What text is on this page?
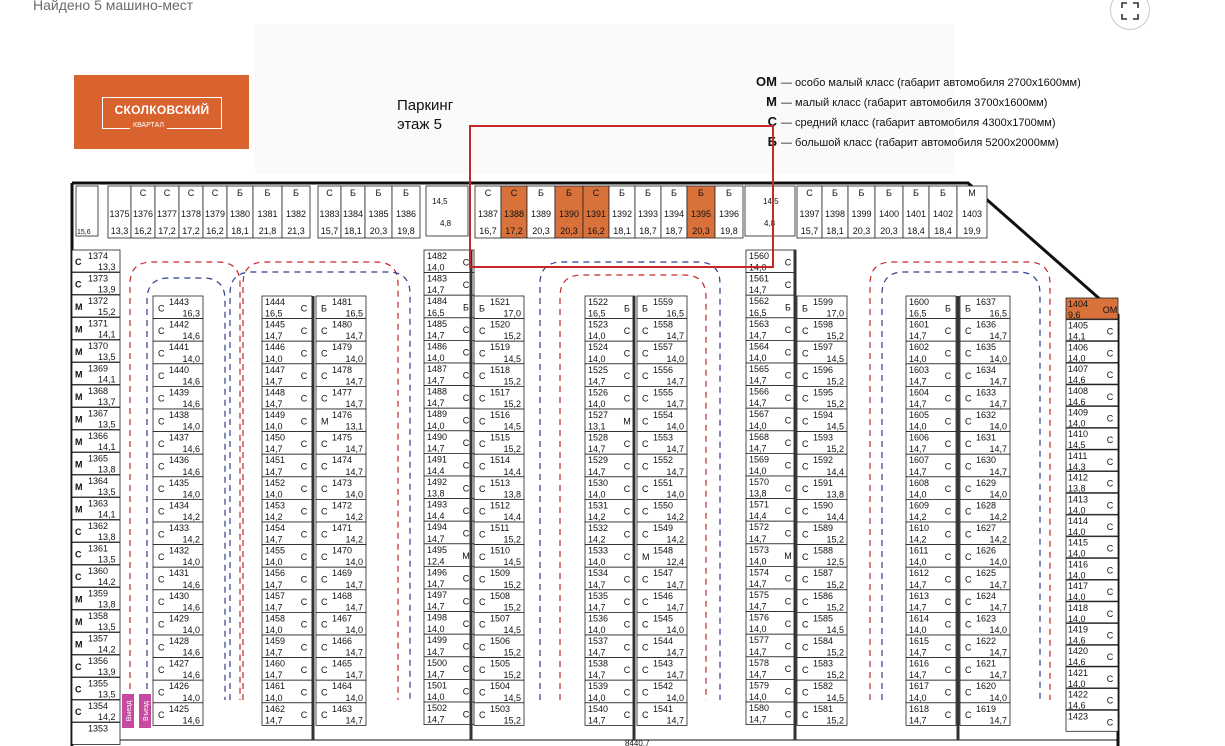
Найдено 5 машино-мест
СКОЛКОВСКИЙ
КВАРТАЛ
Паркинг
этаж 5
ОМ — особо малый класс (габарит автомобиля 2700х1600мм)
М — малый класс (габарит автомобиля 3700х1600мм)
С — средний класс (габарит автомобиля 4300х1700мм)
Б — большой класс (габарит автомобиля 5200х2000мм)
1375
13,3
С
1376
16,2
С
1377
17,2
С
1378
17,2
С
1379
16,2
Б
1380
18,1
Б
1381
21,8
Б
1382
21,3
С
1383
15,7
Б
1384
18,1
Б
1385
20,3
Б
1386
19,8
С
1387
16,7
С
1388
17,2
Б
1389
20,3
Б
1390
20,3
С
1391
16,2
Б
1392
18,1
Б
1393
18,7
Б
1394
18,7
Б
1395
20,3
Б
1396
19,8
С
1397
15,7
Б
1398
18,1
Б
1399
20,3
Б
1400
20,3
Б
1401
18,4
Б
1402
18,4
М
1403
19,9
15,6
14,5
4,8
14,5
4,8
С
1374
13,3
С
1373
13,9
М
1372
15,2
М
1371
14,1
М
1370
13,5
М
1369
14,1
М
1368
13,7
М
1367
13,5
М
1366
14,1
М
1365
13,8
М
1364
13,5
М
1363
14,1
С
1362
13,8
С
1361
13,5
С
1360
14,2
М
1359
13,8
М
1358
13,5
М
1357
14,2
С
1356
13,9
С
1355
13,5
С
1354
14,2
1353
1404
9,6 ОМ
1405
14,1 С
1406
14,0 С
1407
14,6 С
1408
14,6 С
1409
14,0 С
1410
14,5 С
1411
14,3 С
1412
13,8 С
1413
14,0 С
1414
14,0 С
1415
14,0 С
1416
14,0 С
1417
14,0 С
1418
14,0 С
1419
14,6 С
1420
14,6 С
1421
14,0 С
1422
14,6 С
1423
С
С
1443
16,3
С
1442
14,6
С
1441
14,0
С
1440
14,6
С
1439
14,6
С
1438
14,0
С
1437
14,6
С
1436
14,6
С
1435
14,0
С
1434
14,2
С
1433
14,2
С
1432
14,0
С
1431
14,6
С
1430
14,6
С
1429
14,0
С
1428
14,6
С
1427
14,6
С
1426
14,0
С
1425
14,6
1444
16,5
С
1445
14,7
С
1446
14,0
С
1447
14,7
С
1448
14,7
С
1449
14,0
С
1450
14,7
С
1451
14,7
С
1452
14,0
С
1453
14,2
С
1454
14,7
С
1455
14,0
С
1456
14,7
С
1457
14,7
С
1458
14,0
С
1459
14,7
С
1460
14,7
С
1461
14,0
С
1462
14,7
С
Б
1481
16,5
С
1480
14,7
С
1479
14,0
С
1478
14,7
С
1477
14,7
М
1476
13,1
С
1475
14,7
С
1474
14,7
С
1473
14,0
С
1472
14,2
С
1471
14,2
С
1470
14,0
С
1469
14,7
С
1468
14,7
С
1467
14,0
С
1466
14,7
С
1465
14,7
С
1464
14,0
С
1463
14,7
1482
14,0
С
1483
14,7
С
1484
16,5
Б
1485
14,7
С
1486
14,0
С
1487
14,7
С
1488
14,7
С
1489
14,0
С
1490
14,7
С
1491
14,4
С
1492
13,8
С
1493
14,4
С
1494
14,7
С
1495
12,4
М
1496
14,7
С
1497
14,7
С
1498
14,0
С
1499
14,7
С
1500
14,7
С
1501
14,0
С
1502
14,7
С
Б
1521
17,0
С
1520
15,2
С
1519
14,5
С
1518
15,2
С
1517
15,2
С
1516
14,5
С
1515
15,2
С
1514
14,4
С
1513
13,8
С
1512
14,4
С
1511
15,2
С
1510
14,5
С
1509
15,2
С
1508
15,2
С
1507
14,5
С
1506
15,2
С
1505
15,2
С
1504
14,5
С
1503
15,2
1522
16,5
Б
1523
14,0
С
1524
14,0
С
1525
14,7
С
1526
14,0
С
1527
13,1
М
1528
14,7
С
1529
14,7
С
1530
14,0
С
1531
14,2
С
1532
14,2
С
1533
14,0
С
1534
14,7
С
1535
14,7
С
1536
14,0
С
1537
14,7
С
1538
14,7
С
1539
14,0
С
1540
14,7
С
Б
1559
16,5
С
1558
14,7
С
1557
14,0
С
1556
14,7
С
1555
14,7
С
1554
14,0
С
1553
14,7
С
1552
14,7
С
1551
14,0
С
1550
14,2
С
1549
14,2
М
1548
12,4
С
1547
14,7
С
1546
14,7
С
1545
14,0
С
1544
14,7
С
1543
14,7
С
1542
14,0
С
1541
14,7
1560
14,0
С
1561
14,7
С
1562
16,5
Б
1563
14,7
С
1564
14,0
С
1565
14,7
С
1566
14,7
С
1567
14,0
С
1568
14,7
С
1569
14,0
С
1570
13,8
С
1571
14,4
С
1572
14,7
С
1573
14,0
М
1574
14,7
С
1575
14,7
С
1576
14,0
С
1577
14,7
С
1578
14,7
С
1579
14,0
С
1580
14,7
С
Б
1599
17,0
С
1598
15,2
С
1597
14,5
С
1596
15,2
С
1595
15,2
С
1594
14,5
С
1593
15,2
С
1592
14,4
С
1591
13,8
С
1590
14,4
С
1589
15,2
С
1588
12,5
С
1587
15,2
С
1586
15,2
С
1585
14,5
С
1584
15,2
С
1583
15,2
С
1582
14,5
С
1581
15,2
1600
16,5
Б
1601
14,7
С
1602
14,0
С
1603
14,7
С
1604
14,7
С
1605
14,0
С
1606
14,7
С
1607
14,7
С
1608
14,0
С
1609
14,2
С
1610
14,2
С
1611
14,0
С
1612
14,7
С
1613
14,7
С
1614
14,0
С
1615
14,7
С
1616
14,7
С
1617
14,0
С
1618
14,7
С
Б
1637
16,5
С
1636
14,7
С
1635
14,0
С
1634
14,7
С
1633
14,7
С
1632
14,0
С
1631
14,7
С
1630
14,7
С
1629
14,0
С
1628
14,2
С
1627
14,2
С
1626
14,0
С
1625
14,7
С
1624
14,7
С
1623
14,0
С
1622
14,7
С
1621
14,7
С
1620
14,0
С
1619
14,7
Выезд Въезд
8440,7
